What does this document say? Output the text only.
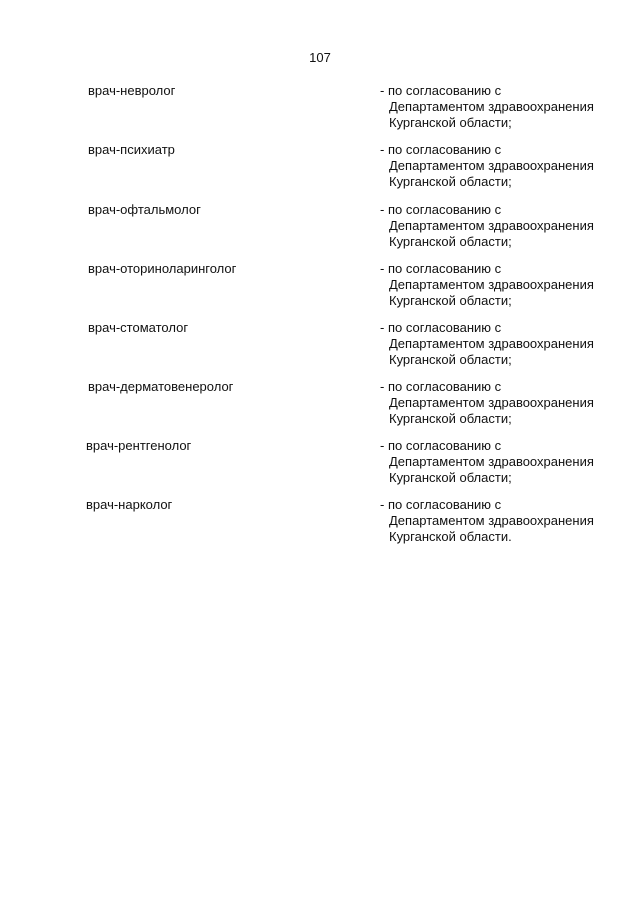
107
врач-невролог	- по согласованию с
Департаментом здравоохранения
Курганской области;
врач-психиатр	- по согласованию с
Департаментом здравоохранения
Курганской области;
врач-офтальмолог	- по согласованию с
Департаментом здравоохранения
Курганской области;
врач-оториноларинголог	- по согласованию с
Департаментом здравоохранения
Курганской области;
врач-стоматолог	- по согласованию с
Департаментом здравоохранения
Курганской области;
врач-дерматовенеролог	- по согласованию с
Департаментом здравоохранения
Курганской области;
врач-рентгенолог	- по согласованию с
Департаментом здравоохранения
Курганской области;
врач-нарколог	- по согласованию с
Департаментом здравоохранения
Курганской области.
